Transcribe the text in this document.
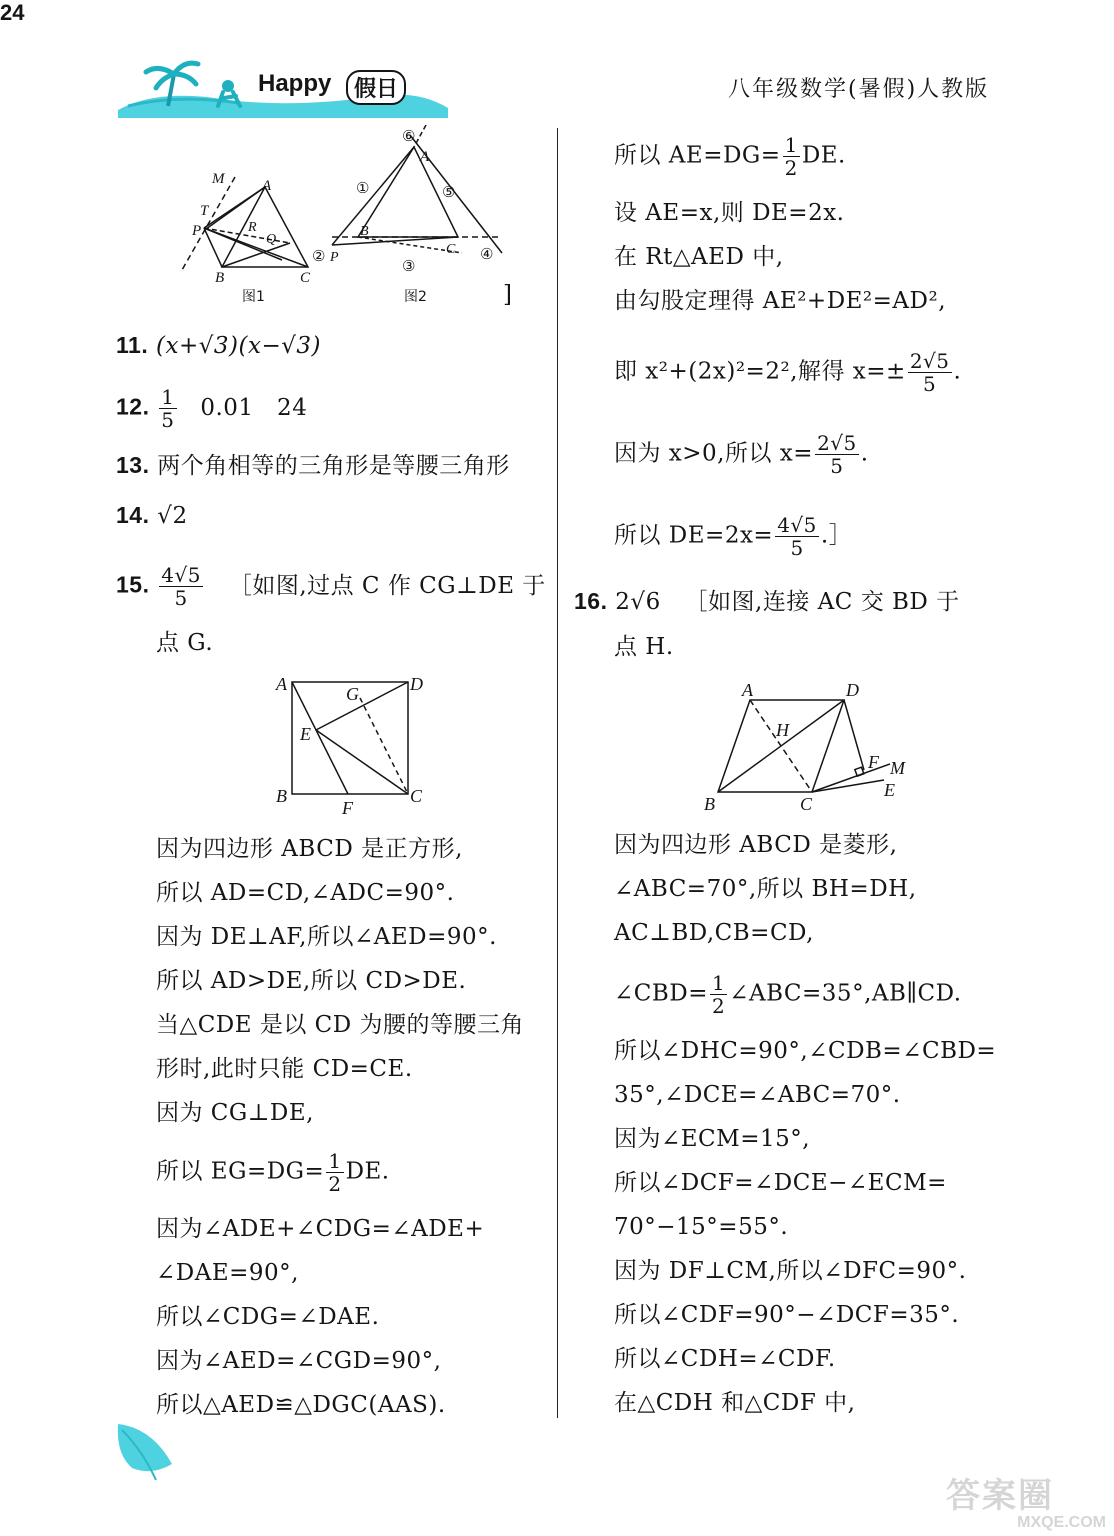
Happy	假日	八年级数学(暑假)人教版
M	A
T
P	R
Q
B	C
图1
⑥
A
①	⑤
B
C
② P
③
④
图2	]
11. (x+√3)(x−√3)
12. $\frac{1}{5} 0.01$　24
13. 两个角相等的三角形是等腰三角形
14. √2
15. $\frac{4√5}{5}$ ［如图,过点 C 作 CG⊥DE 于
点 G.
A	D
G
E
B
F
C
因为四边形 ABCD 是正方形,
所以 AD=CD,∠ADC=90°.
因为 DE⊥AF,所以∠AED=90°.
所以 AD>DE,所以 CD>DE.
当△CDE 是以 CD 为腰的等腰三角
形时,此时只能 CD=CE.
因为 CG⊥DE,
所以 $EG=DG= \frac{1}{2}$ DE.
因为∠ADE+∠CDG=∠ADE+
∠DAE=90°,
所以∠CDG=∠DAE.
因为∠AED=∠CGD=90°,
所以△AED≌△DGC(AAS).
所以 $AE=DG= \frac{1}{2}$ DE.
设 AE=x,则 DE=2x.
在 Rt△AED 中,
由勾股定理得 AE²+DE²=AD²,
即 x²+(2x)²=2²,解得 $x=\pm \frac{2√5}{5}$ .
因为 x>0,所以 $x= \frac{2√5}{5}$ .
所以 $DE=2x= \frac{4√5}{5}$ .］
16. 2√6 ［如图,连接 AC 交 BD 于
点 H.
A	D
H
F M
B	C
E
因为四边形 ABCD 是菱形,
∠ABC=70°,所以 BH=DH,
AC⊥BD,CB=CD,
∠CBD= $\frac{1}{2}$ ∠ABC=35°,AB∥CD.
所以∠DHC=90°,∠CDB=∠CBD=
35°,∠DCE=∠ABC=70°.
因为∠ECM=15°,
所以∠DCF=∠DCE−∠ECM=
70°−15°=55°.
因为 DF⊥CM,所以∠DFC=90°.
所以∠CDF=90°−∠DCF=35°.
所以∠CDH=∠CDF.
在△CDH 和△CDF 中,
24
答案圈
MXQE.COM
